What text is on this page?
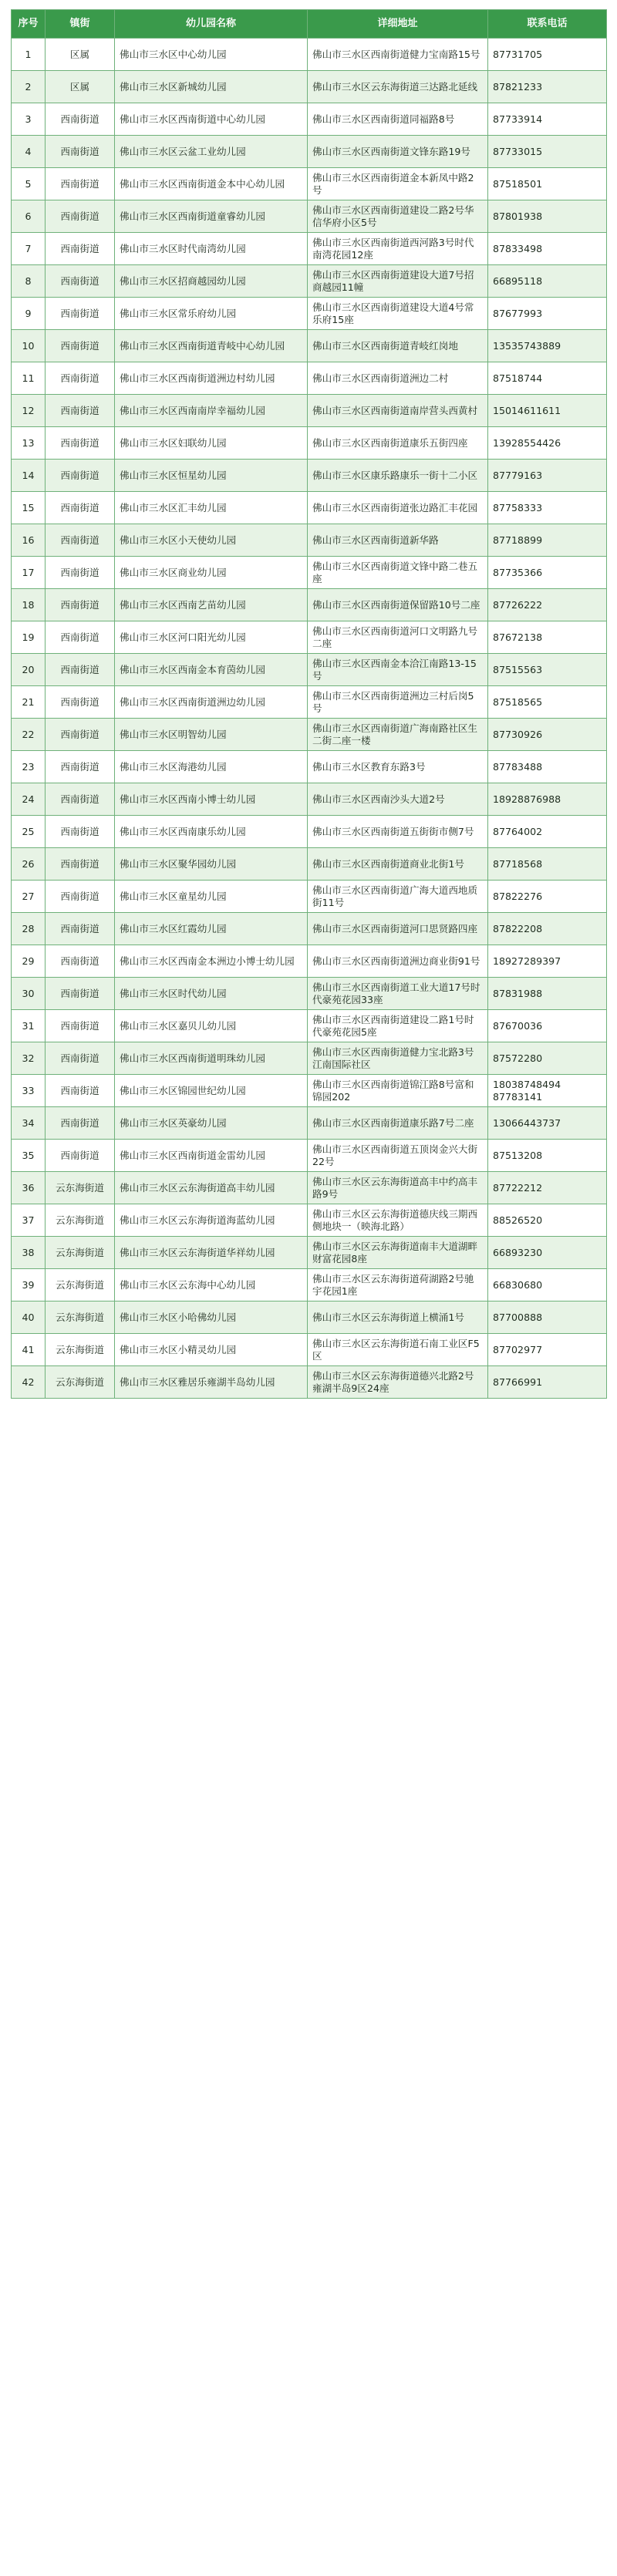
序号	镇街	幼儿园名称	详细地址	联系电话
1	区属	佛山市三水区中心幼儿园	佛山市三水区西南街道健力宝南路15号	87731705
2	区属	佛山市三水区新城幼儿园	佛山市三水区云东海街道三达路北延线	87821233
3	西南街道	佛山市三水区西南街道中心幼儿园	佛山市三水区西南街道同福路8号	87733914
4	西南街道	佛山市三水区云盆工业幼儿园	佛山市三水区西南街道文锋东路19号	87733015
5	西南街道	佛山市三水区西南街道金本中心幼儿园	佛山市三水区西南街道金本新凤中路2号	87518501
6	西南街道	佛山市三水区西南街道童睿幼儿园	佛山市三水区西南街道建设二路2号华信华府小区5号	87801938
7	西南街道	佛山市三水区时代南湾幼儿园	佛山市三水区西南街道西河路3号时代南湾花园12座	87833498
8	西南街道	佛山市三水区招商越园幼儿园	佛山市三水区西南街道建设大道7号招商越园11幢	66895118
9	西南街道	佛山市三水区常乐府幼儿园	佛山市三水区西南街道建设大道4号常乐府15座	87677993
10	西南街道	佛山市三水区西南街道青岐中心幼儿园	佛山市三水区西南街道青岐红岗地	13535743889
11	西南街道	佛山市三水区西南街道洲边村幼儿园	佛山市三水区西南街道洲边二村	87518744
12	西南街道	佛山市三水区西南南岸幸福幼儿园	佛山市三水区西南街道南岸营头西黄村	15014611611
13	西南街道	佛山市三水区妇联幼儿园	佛山市三水区西南街道康乐五街四座	13928554426
14	西南街道	佛山市三水区恒星幼儿园	佛山市三水区康乐路康乐一街十二小区	87779163
15	西南街道	佛山市三水区汇丰幼儿园	佛山市三水区西南街道张边路汇丰花园	87758333
16	西南街道	佛山市三水区小天使幼儿园	佛山市三水区西南街道新华路	87718899
17	西南街道	佛山市三水区商业幼儿园	佛山市三水区西南街道文锋中路二巷五座	87735366
18	西南街道	佛山市三水区西南艺苗幼儿园	佛山市三水区西南街道保留路10号二座	87726222
19	西南街道	佛山市三水区河口阳光幼儿园	佛山市三水区西南街道河口文明路九号二座	87672138
20	西南街道	佛山市三水区西南金本育茵幼儿园	佛山市三水区西南金本洽江南路13-15号	87515563
21	西南街道	佛山市三水区西南街道洲边幼儿园	佛山市三水区西南街道洲边三村后岗5号	87518565
22	西南街道	佛山市三水区明智幼儿园	佛山市三水区西南街道广海南路社区生二街二座一楼	87730926
23	西南街道	佛山市三水区海港幼儿园	佛山市三水区教育东路3号	87783488
24	西南街道	佛山市三水区西南小博士幼儿园	佛山市三水区西南沙头大道2号	18928876988
25	西南街道	佛山市三水区西南康乐幼儿园	佛山市三水区西南街道五街街市侧7号	87764002
26	西南街道	佛山市三水区聚华园幼儿园	佛山市三水区西南街道商业北街1号	87718568
27	西南街道	佛山市三水区童星幼儿园	佛山市三水区西南街道广海大道西地质街11号	87822276
28	西南街道	佛山市三水区红霞幼儿园	佛山市三水区西南街道河口思贤路四座	87822208
29	西南街道	佛山市三水区西南金本洲边小博士幼儿园	佛山市三水区西南街道洲边商业街91号	18927289397
30	西南街道	佛山市三水区时代幼儿园	佛山市三水区西南街道工业大道17号时代豪苑花园33座	87831988
31	西南街道	佛山市三水区嘉贝儿幼儿园	佛山市三水区西南街道建设二路1号时代豪苑花园5座	87670036
32	西南街道	佛山市三水区西南街道明珠幼儿园	佛山市三水区西南街道健力宝北路3号江南国际社区	87572280
33	西南街道	佛山市三水区锦园世纪幼儿园	佛山市三水区西南街道锦江路8号富和锦园202	18038748494 87783141
34	西南街道	佛山市三水区英豪幼儿园	佛山市三水区西南街道康乐路7号二座	13066443737
35	西南街道	佛山市三水区西南街道金雷幼儿园	佛山市三水区西南街道五顶岗金兴大街22号	87513208
36	云东海街道	佛山市三水区云东海街道高丰幼儿园	佛山市三水区云东海街道高丰中约高丰路9号	87722212
37	云东海街道	佛山市三水区云东海街道海蓝幼儿园	佛山市三水区云东海街道德庆线三期西侧地块一（映海北路）	88526520
38	云东海街道	佛山市三水区云东海街道华祥幼儿园	佛山市三水区云东海街道南丰大道湖畔财富花园8座	66893230
39	云东海街道	佛山市三水区云东海中心幼儿园	佛山市三水区云东海街道荷湖路2号驰宇花园1座	66830680
40	云东海街道	佛山市三水区小哈佛幼儿园	佛山市三水区云东海街道上横涌1号	87700888
41	云东海街道	佛山市三水区小精灵幼儿园	佛山市三水区云东海街道石南工业区F5区	87702977
42	云东海街道	佛山市三水区雅居乐雍湖半岛幼儿园	佛山市三水区云东海街道德兴北路2号雍湖半岛9区24座	87766991
